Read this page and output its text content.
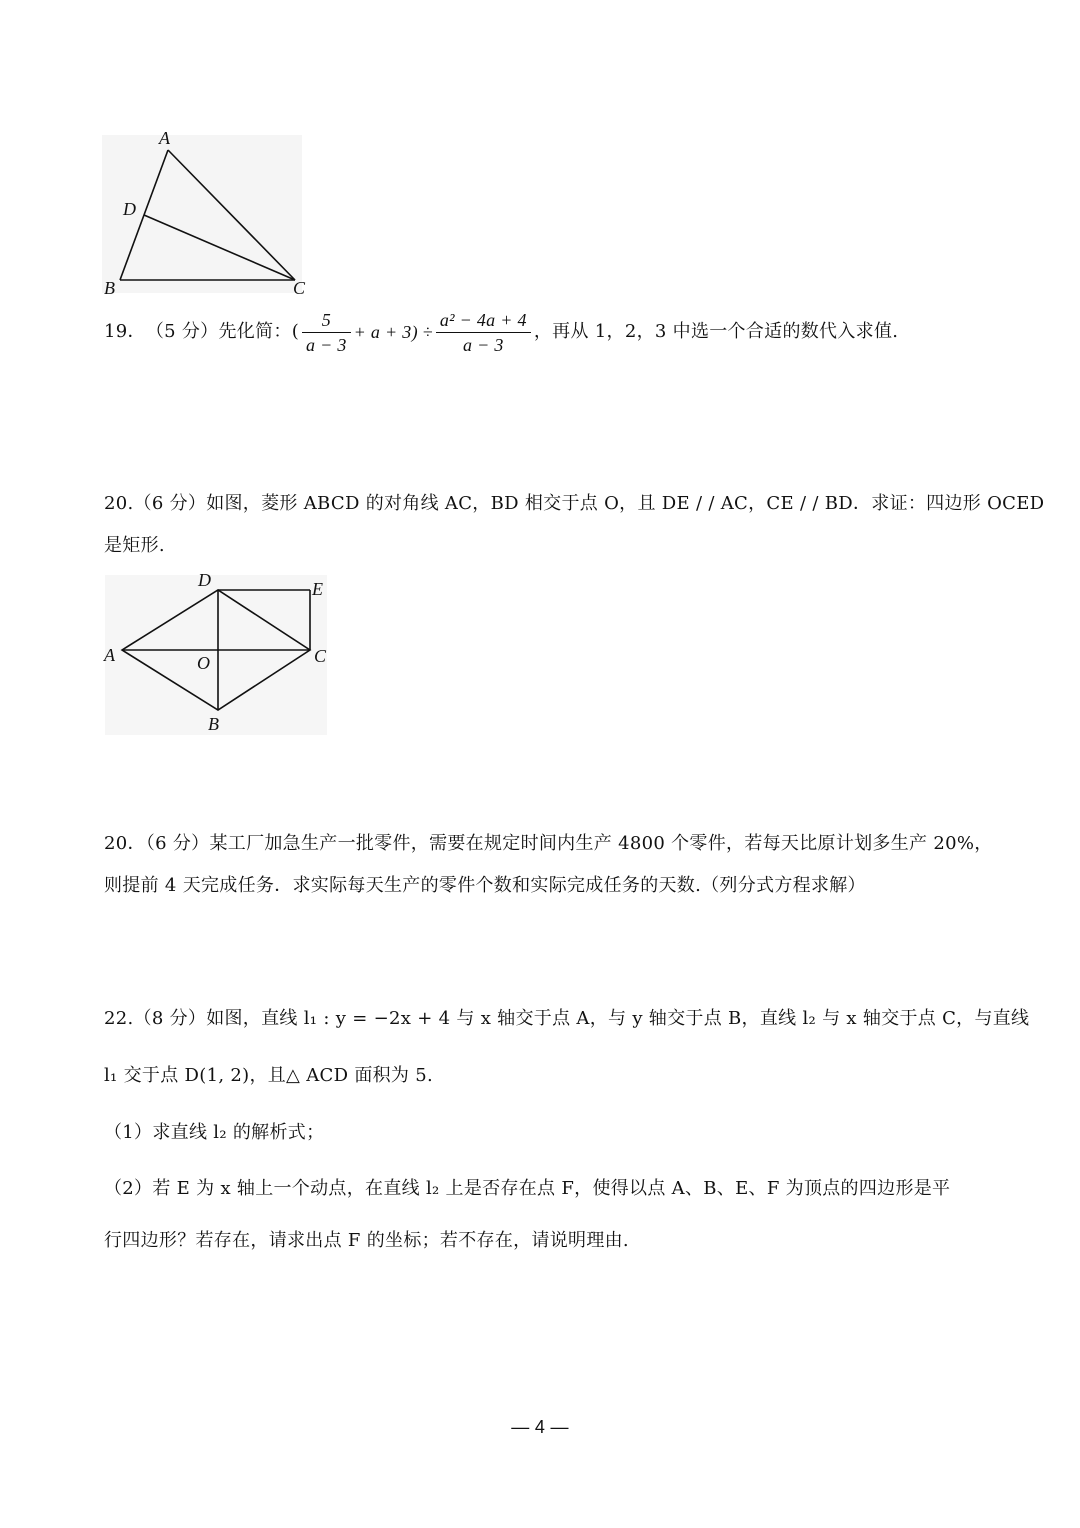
A
D
B	C
19． （5 分）先化简： ( $\frac{5}{a - 3} + a + 3) \div \frac{\text{a² − 4a + 4}}{a - 3}$ ，再从 1，2，3 中选一个合适的数代入求值.
20.（6 分）如图，菱形 ABCD 的对角线 AC，BD 相交于点 O，且 DE / / AC，CE / / BD．求证：四边形 OCED
是矩形.
D	E
A	O	C
B
20．（6 分）某工厂加急生产一批零件，需要在规定时间内生产 4800 个零件，若每天比原计划多生产 20%，
则提前 4 天完成任务．求实际每天生产的零件个数和实际完成任务的天数.（列分式方程求解）
22.（8 分）如图，直线 l₁ : y = −2x + 4 与 x 轴交于点 A，与 y 轴交于点 B，直线 l₂ 与 x 轴交于点 C，与直线
l₁ 交于点 D(1, 2)，且△ ACD 面积为 5.
（1）求直线 l₂ 的解析式；
（2）若 E 为 x 轴上一个动点，在直线 l₂ 上是否存在点 F，使得以点 A、B、E、F 为顶点的四边形是平
行四边形？若存在，请求出点 F 的坐标；若不存在，请说明理由.
— 4 —
